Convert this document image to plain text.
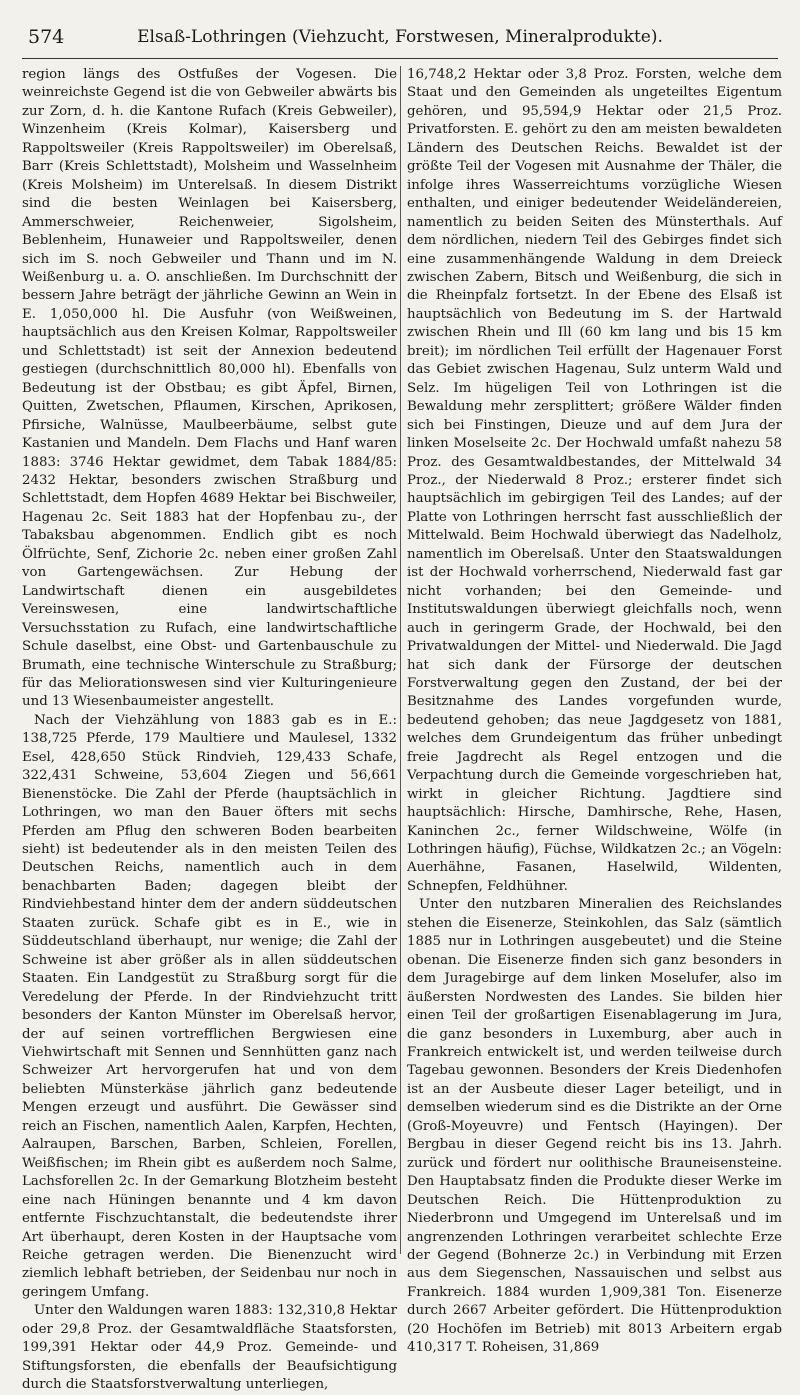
574	Elsaß-Lothringen (Viehzucht, Forstwesen, Mineralprodukte).

region längs des Ostfußes der Vogesen. Die weinreichste Gegend ist die von Gebweiler abwärts bis zur Zorn, d. h. die Kantone Rufach (Kreis Gebweiler), Winzenheim (Kreis Kolmar), Kaisersberg und Rappoltsweiler (Kreis Rappoltsweiler) im Oberelsaß, Barr (Kreis Schlettstadt), Molsheim und Wasselnheim (Kreis Molsheim) im Unterelsaß. In diesem Distrikt sind die besten Weinlagen bei Kaisersberg, Ammerschweier, Reichenweier, Sigolsheim, Beblenheim, Hunaweier und Rappoltsweiler, denen sich im S. noch Gebweiler und Thann und im N. Weißenburg u. a. O. anschließen. Im Durchschnitt der bessern Jahre beträgt der jährliche Gewinn an Wein in E. 1,050,000 hl. Die Ausfuhr (von Weißweinen, hauptsächlich aus den Kreisen Kolmar, Rappoltsweiler und Schlettstadt) ist seit der Annexion bedeutend gestiegen (durchschnittlich 80,000 hl). Ebenfalls von Bedeutung ist der Obstbau; es gibt Äpfel, Birnen, Quitten, Zwetschen, Pflaumen, Kirschen, Aprikosen, Pfirsiche, Walnüsse, Maulbeerbäume, selbst gute Kastanien und Mandeln. Dem Flachs und Hanf waren 1883: 3746 Hektar gewidmet, dem Tabak 1884/85: 2432 Hektar, besonders zwischen Straßburg und Schlettstadt, dem Hopfen 4689 Hektar bei Bischweiler, Hagenau 2c. Seit 1883 hat der Hopfenbau zu-, der Tabaksbau abgenommen. Endlich gibt es noch Ölfrüchte, Senf, Zichorie 2c. neben einer großen Zahl von Gartengewächsen. Zur Hebung der Landwirtschaft dienen ein ausgebildetes Vereinswesen, eine landwirtschaftliche Versuchsstation zu Rufach, eine landwirtschaftliche Schule daselbst, eine Obst- und Gartenbauschule zu Brumath, eine technische Winterschule zu Straßburg; für das Meliorationswesen sind vier Kulturingenieure und 13 Wiesenbaumeister angestellt.

Nach der Viehzählung von 1883 gab es in E.: 138,725 Pferde, 179 Maultiere und Maulesel, 1332 Esel, 428,650 Stück Rindvieh, 129,433 Schafe, 322,431 Schweine, 53,604 Ziegen und 56,661 Bienenstöcke. Die Zahl der Pferde (hauptsächlich in Lothringen, wo man den Bauer öfters mit sechs Pferden am Pflug den schweren Boden bearbeiten sieht) ist bedeutender als in den meisten Teilen des Deutschen Reichs, namentlich auch in dem benachbarten Baden; dagegen bleibt der Rindviehbestand hinter dem der andern süddeutschen Staaten zurück. Schafe gibt es in E., wie in Süddeutschland überhaupt, nur wenige; die Zahl der Schweine ist aber größer als in allen süddeutschen Staaten. Ein Landgestüt zu Straßburg sorgt für die Veredelung der Pferde. In der Rindviehzucht tritt besonders der Kanton Münster im Oberelsaß hervor, der auf seinen vortrefflichen Bergwiesen eine Viehwirtschaft mit Sennen und Sennhütten ganz nach Schweizer Art hervorgerufen hat und von dem beliebten Münsterkäse jährlich ganz bedeutende Mengen erzeugt und ausführt. Die Gewässer sind reich an Fischen, namentlich Aalen, Karpfen, Hechten, Aalraupen, Barschen, Barben, Schleien, Forellen, Weißfischen; im Rhein gibt es außerdem noch Salme, Lachsforellen 2c. In der Gemarkung Blotzheim besteht eine nach Hüningen benannte und 4 km davon entfernte Fischzuchtanstalt, die bedeutendste ihrer Art überhaupt, deren Kosten in der Hauptsache vom Reiche getragen werden. Die Bienenzucht wird ziemlich lebhaft betrieben, der Seidenbau nur noch in geringem Umfang.

Unter den Waldungen waren 1883: 132,310,8 Hektar oder 29,8 Proz. der Gesamtwaldfläche Staatsforsten, 199,391 Hektar oder 44,9 Proz. Gemeinde- und Stiftungsforsten, die ebenfalls der Beaufsichtigung durch die Staatsforstverwaltung unterliegen,

16,748,2 Hektar oder 3,8 Proz. Forsten, welche dem Staat und den Gemeinden als ungeteiltes Eigentum gehören, und 95,594,9 Hektar oder 21,5 Proz. Privatforsten. E. gehört zu den am meisten bewaldeten Ländern des Deutschen Reichs. Bewaldet ist der größte Teil der Vogesen mit Ausnahme der Thäler, die infolge ihres Wasserreichtums vorzügliche Wiesen enthalten, und einiger bedeutender Weideländereien, namentlich zu beiden Seiten des Münsterthals. Auf dem nördlichen, niedern Teil des Gebirges findet sich eine zusammenhängende Waldung in dem Dreieck zwischen Zabern, Bitsch und Weißenburg, die sich in die Rheinpfalz fortsetzt. In der Ebene des Elsaß ist hauptsächlich von Bedeutung im S. der Hartwald zwischen Rhein und Ill (60 km lang und bis 15 km breit); im nördlichen Teil erfüllt der Hagenauer Forst das Gebiet zwischen Hagenau, Sulz unterm Wald und Selz. Im hügeligen Teil von Lothringen ist die Bewaldung mehr zersplittert; größere Wälder finden sich bei Finstingen, Dieuze und auf dem Jura der linken Moselseite 2c. Der Hochwald umfaßt nahezu 58 Proz. des Gesamtwaldbestandes, der Mittelwald 34 Proz., der Niederwald 8 Proz.; ersterer findet sich hauptsächlich im gebirgigen Teil des Landes; auf der Platte von Lothringen herrscht fast ausschließlich der Mittelwald. Beim Hochwald überwiegt das Nadelholz, namentlich im Oberelsaß. Unter den Staatswaldungen ist der Hochwald vorherrschend, Niederwald fast gar nicht vorhanden; bei den Gemeinde- und Institutswaldungen überwiegt gleichfalls noch, wenn auch in geringerm Grade, der Hochwald, bei den Privatwaldungen der Mittel- und Niederwald. Die Jagd hat sich dank der Fürsorge der deutschen Forstverwaltung gegen den Zustand, der bei der Besitznahme des Landes vorgefunden wurde, bedeutend gehoben; das neue Jagdgesetz von 1881, welches dem Grundeigentum das früher unbedingt freie Jagdrecht als Regel entzogen und die Verpachtung durch die Gemeinde vorgeschrieben hat, wirkt in gleicher Richtung. Jagdtiere sind hauptsächlich: Hirsche, Damhirsche, Rehe, Hasen, Kaninchen 2c., ferner Wildschweine, Wölfe (in Lothringen häufig), Füchse, Wildkatzen 2c.; an Vögeln: Auerhähne, Fasanen, Haselwild, Wildenten, Schnepfen, Feldhühner.

Unter den nutzbaren Mineralien des Reichslandes stehen die Eisenerze, Steinkohlen, das Salz (sämtlich 1885 nur in Lothringen ausgebeutet) und die Steine obenan. Die Eisenerze finden sich ganz besonders in dem Juragebirge auf dem linken Moselufer, also im äußersten Nordwesten des Landes. Sie bilden hier einen Teil der großartigen Eisenablagerung im Jura, die ganz besonders in Luxemburg, aber auch in Frankreich entwickelt ist, und werden teilweise durch Tagebau gewonnen. Besonders der Kreis Diedenhofen ist an der Ausbeute dieser Lager beteiligt, und in demselben wiederum sind es die Distrikte an der Orne (Groß-Moyeuvre) und Fentsch (Hayingen). Der Bergbau in dieser Gegend reicht bis ins 13. Jahrh. zurück und fördert nur oolithische Brauneisensteine. Den Hauptabsatz finden die Produkte dieser Werke im Deutschen Reich. Die Hüttenproduktion zu Niederbronn und Umgegend im Unterelsaß und im angrenzenden Lothringen verarbeitet schlechte Erze der Gegend (Bohnerze 2c.) in Verbindung mit Erzen aus dem Siegenschen, Nassauischen und selbst aus Frankreich. 1884 wurden 1,909,381 Ton. Eisenerze durch 2667 Arbeiter gefördert. Die Hüttenproduktion (20 Hochöfen im Betrieb) mit 8013 Arbeitern ergab 410,317 T. Roheisen, 31,869
